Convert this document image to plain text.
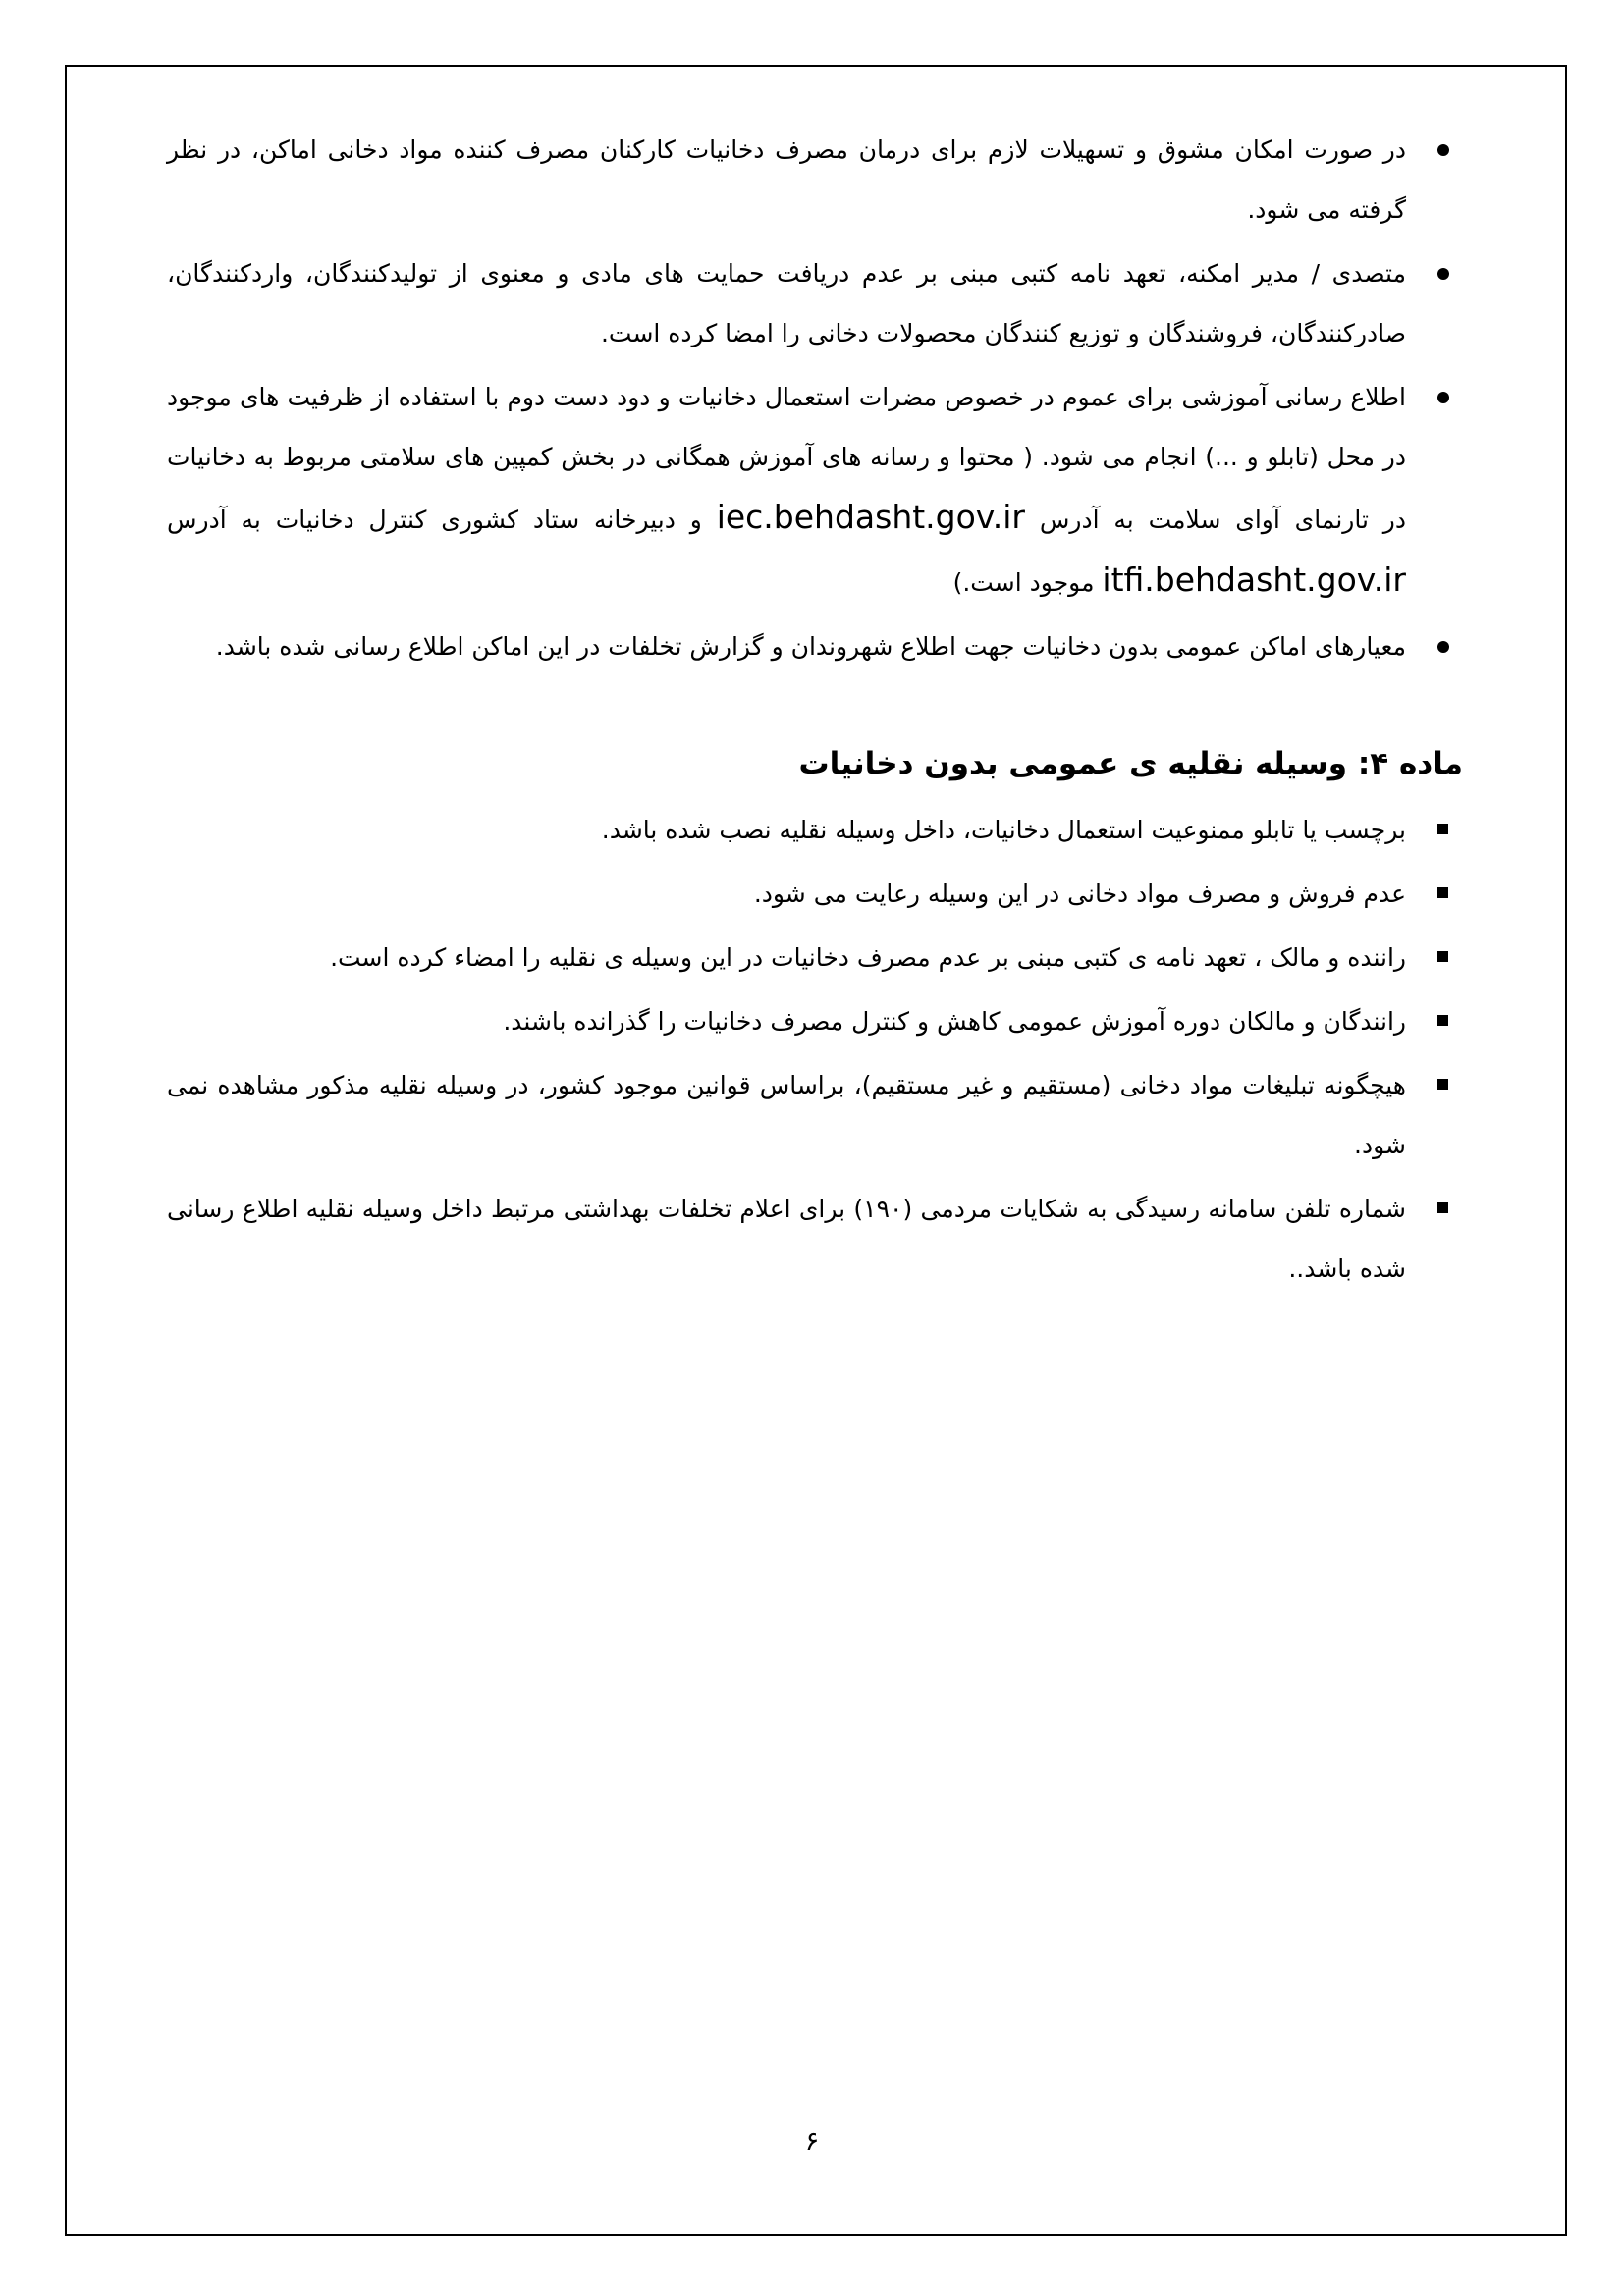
در صورت امکان مشوق و تسهیلات لازم برای درمان مصرف دخانیات کارکنان مصرف کننده مواد دخانی اماکن، در نظر گرفته می شود.
متصدی / مدیر امکنه، تعهد نامه کتبی مبنی بر عدم دریافت حمایت های مادی و معنوی از تولیدکنندگان، واردکنندگان، صادرکنندگان، فروشندگان و توزیع کنندگان محصولات دخانی را امضا کرده است.
اطلاع رسانی آموزشی برای عموم در خصوص مضرات استعمال دخانیات و دود دست دوم با استفاده از ظرفیت های موجود در محل (تابلو و ...) انجام می شود. ( محتوا و رسانه های آموزش همگانی در بخش کمپین های سلامتی مربوط به دخانیات در تارنمای آوای سلامت به آدرس iec.behdasht.gov.ir و دبیرخانه ستاد کشوری کنترل دخانیات به آدرس itfi.behdasht.gov.ir موجود است.)
معیارهای اماکن عمومی بدون دخانیات جهت اطلاع شهروندان و گزارش تخلفات در این اماکن اطلاع رسانی شده باشد.
ماده ۴: وسیله نقلیه ی عمومی بدون دخانیات
برچسب یا تابلو ممنوعیت استعمال دخانیات، داخل وسیله نقلیه نصب شده باشد.
عدم فروش و مصرف مواد دخانی در این وسیله رعایت می شود.
راننده و مالک ، تعهد نامه ی کتبی مبنی بر عدم مصرف دخانیات در این وسیله ی نقلیه را امضاء کرده است.
رانندگان و مالکان دوره آموزش عمومی کاهش و کنترل مصرف دخانیات را گذرانده باشند.
هیچگونه تبلیغات مواد دخانی (مستقیم و غیر مستقیم)، براساس قوانین موجود کشور، در وسیله نقلیه مذکور مشاهده نمی شود.
شماره تلفن سامانه رسیدگی به شکایات مردمی (۱۹۰) برای اعلام تخلفات بهداشتی مرتبط داخل وسیله نقلیه اطلاع رسانی شده باشد..
۶
